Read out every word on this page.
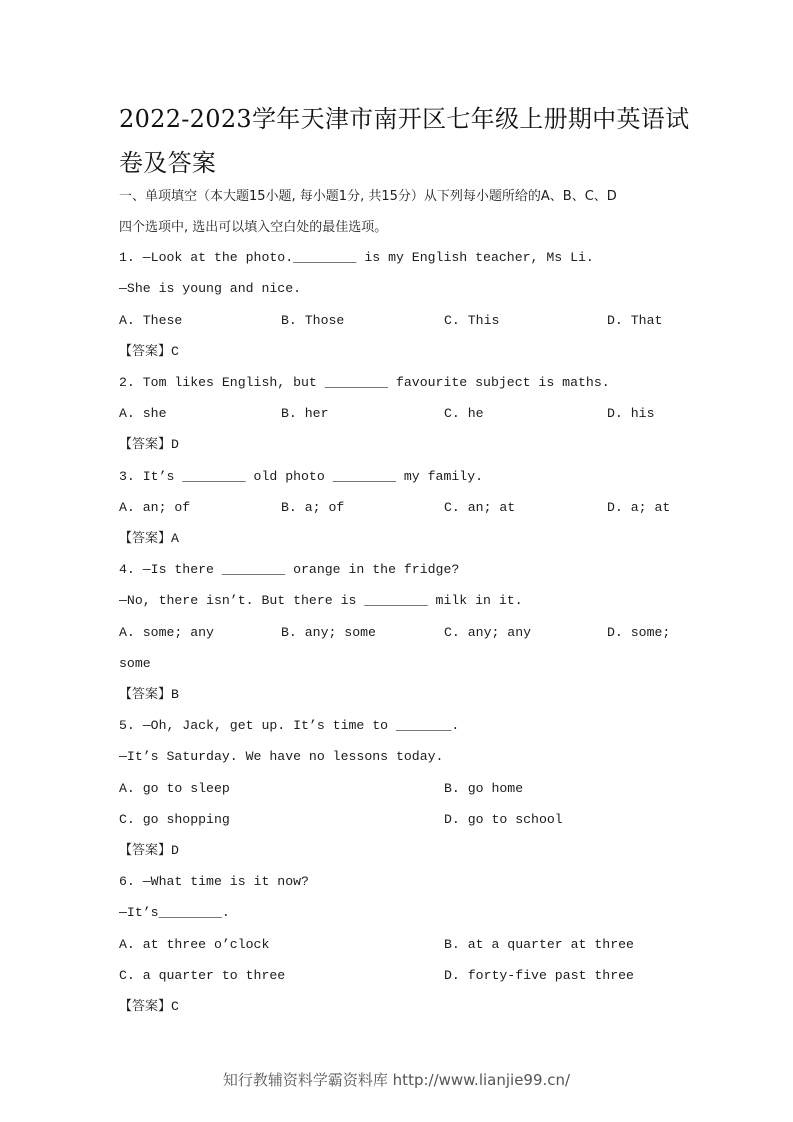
2022-2023学年天津市南开区七年级上册期中英语试卷及答案
一、单项填空（本大题15小题, 每小题1分, 共15分）从下列每小题所给的A、B、C、D
四个选项中, 选出可以填入空白处的最佳选项。
1. —Look at the photo.________ is my English teacher, Ms Li.
—She is young and nice.
A. These	B. Those	C. This	D. That
【答案】C
2. Tom likes English, but ________ favourite subject is maths.
A. she	B. her	C. he	D. his
【答案】D
3. It’s ________ old photo ________ my family.
A. an; of	B. a; of	C. an; at	D. a; at
【答案】A
4. —Is there ________ orange in the fridge?
—No, there isn’t. But there is ________ milk in it.
A. some; any	B. any; some	C. any; any	D. some;
some
【答案】B
5. —Oh, Jack, get up. It’s time to _______.
—It’s Saturday. We have no lessons today.
A. go to sleep	B. go home
C. go shopping	D. go to school
【答案】D
6. —What time is it now?
—It’s________.
A. at three o’clock	B. at a quarter at three
C. a quarter to three	D. forty-five past three
【答案】C
知行教辅资料学霸资料库 http://www.lianjie99.cn/
